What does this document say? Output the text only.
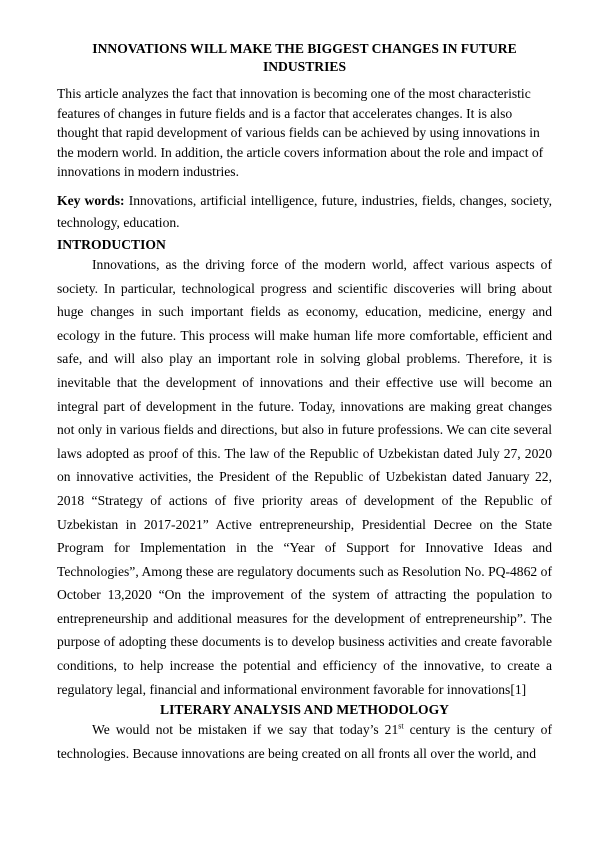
INNOVATIONS WILL MAKE THE BIGGEST CHANGES IN FUTURE INDUSTRIES

This article analyzes the fact that innovation is becoming one of the most characteristic features of changes in future fields and is a factor that accelerates changes. It is also thought that rapid development of various fields can be achieved by using innovations in the modern world. In addition, the article covers information about the role and impact of innovations in modern industries.

Key words: Innovations, artificial intelligence, future, industries, fields, changes, society, technology, education.

INTRODUCTION

Innovations, as the driving force of the modern world, affect various aspects of society. In particular, technological progress and scientific discoveries will bring about huge changes in such important fields as economy, education, medicine, energy and ecology in the future. This process will make human life more comfortable, efficient and safe, and will also play an important role in solving global problems. Therefore, it is inevitable that the development of innovations and their effective use will become an integral part of development in the future. Today, innovations are making great changes not only in various fields and directions, but also in future professions. We can cite several laws adopted as proof of this. The law of the Republic of Uzbekistan dated July 27, 2020 on innovative activities, the President of the Republic of Uzbekistan dated January 22, 2018 “Strategy of actions of five priority areas of development of the Republic of Uzbekistan in 2017-2021” Active entrepreneurship, Presidential Decree on the State Program for Implementation in the “Year of Support for Innovative Ideas and Technologies”, Among these are regulatory documents such as Resolution No. PQ-4862 of October 13,2020 “On the improvement of the system of attracting the population to entrepreneurship and additional measures for the development of entrepreneurship”. The purpose of adopting these documents is to develop business activities and create favorable conditions, to help increase the potential and efficiency of the innovative, to create a regulatory legal, financial and informational environment favorable for innovations[1]

LITERARY ANALYSIS AND METHODOLOGY

We would not be mistaken if we say that today’s 21st century is the century of technologies. Because innovations are being created on all fronts all over the world, and
